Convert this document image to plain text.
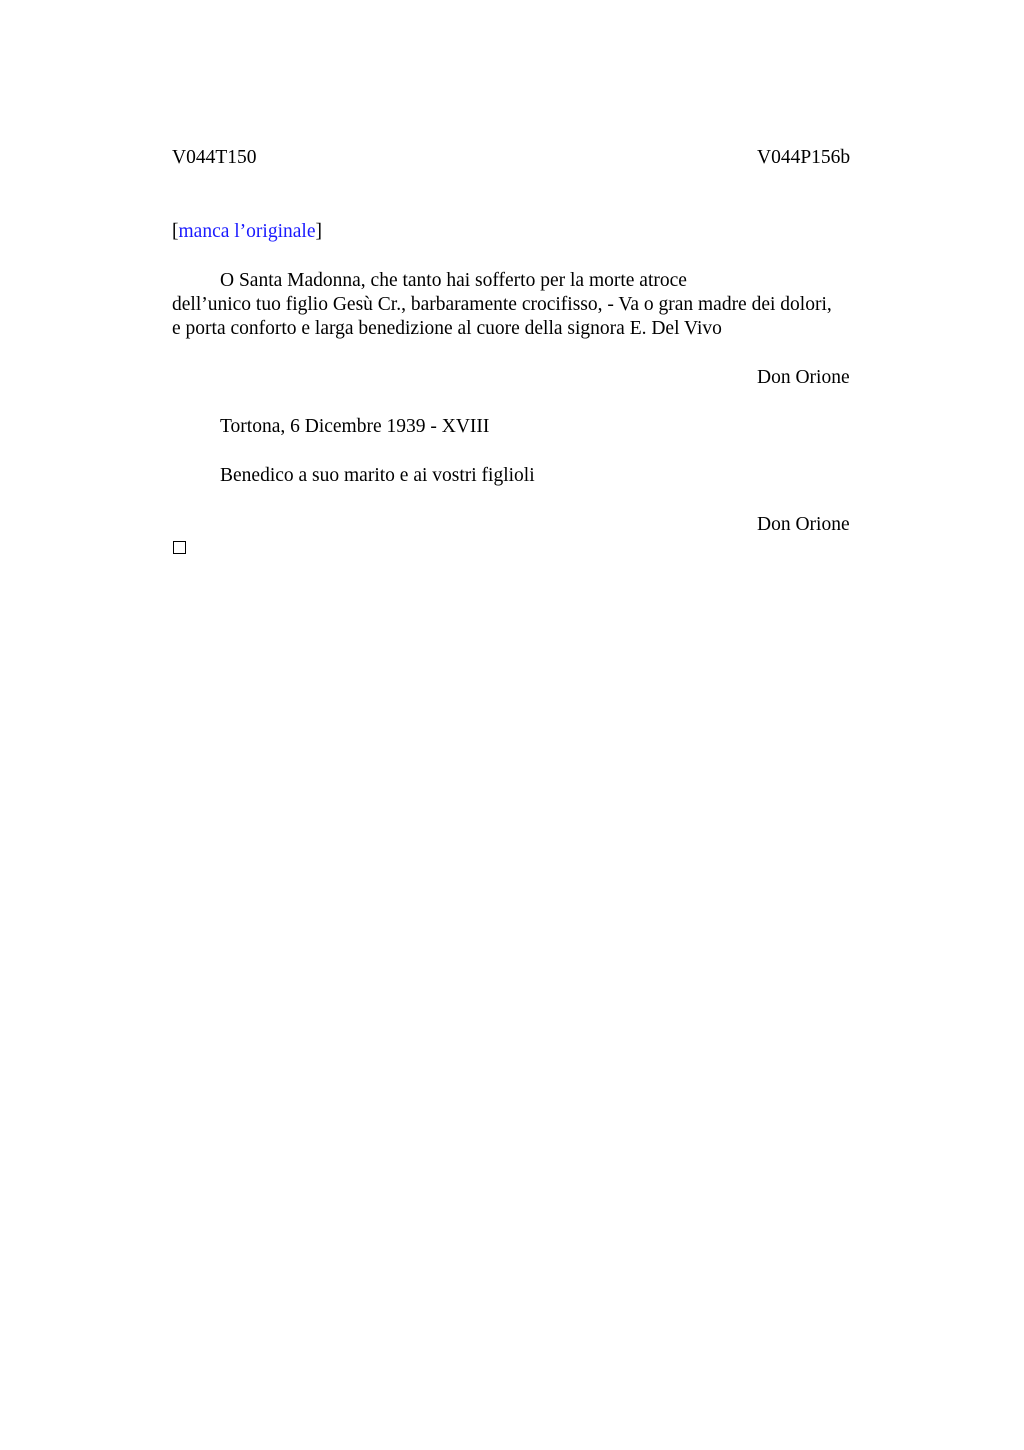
V044T150	V044P156b
[manca l’originale]
O Santa Madonna, che tanto hai sofferto per la morte atroce
dell’unico tuo figlio Gesù Cr., barbaramente crocifisso, - Va o gran madre dei dolori,
e porta conforto e larga benedizione al cuore della signora E. Del Vivo
Don Orione
Tortona, 6 Dicembre 1939 - XVIII
Benedico a suo marito e ai vostri figlioli
Don Orione
